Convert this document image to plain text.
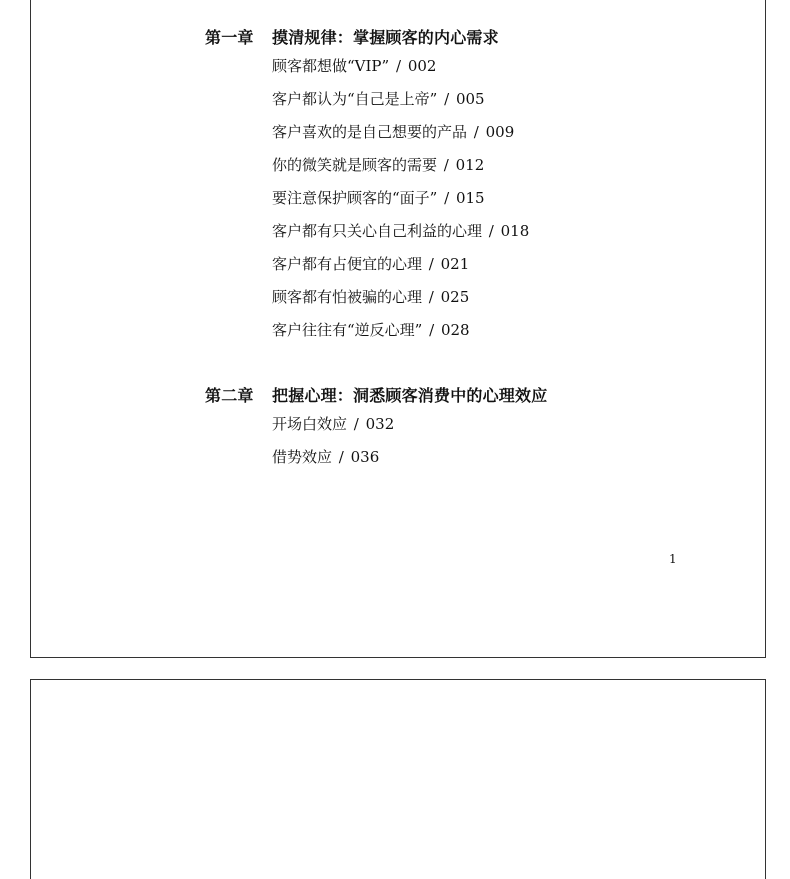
第一章	摸清规律：掌握顾客的内心需求
顾客都想做“VIP” / 002
客户都认为“自己是上帝” / 005
客户喜欢的是自己想要的产品 / 009
你的微笑就是顾客的需要 / 012
要注意保护顾客的“面子” / 015
客户都有只关心自己利益的心理 / 018
客户都有占便宜的心理 / 021
顾客都有怕被骗的心理 / 025
客户往往有“逆反心理” / 028
第二章	把握心理：洞悉顾客消费中的心理效应
开场白效应 / 032
借势效应 / 036
1
